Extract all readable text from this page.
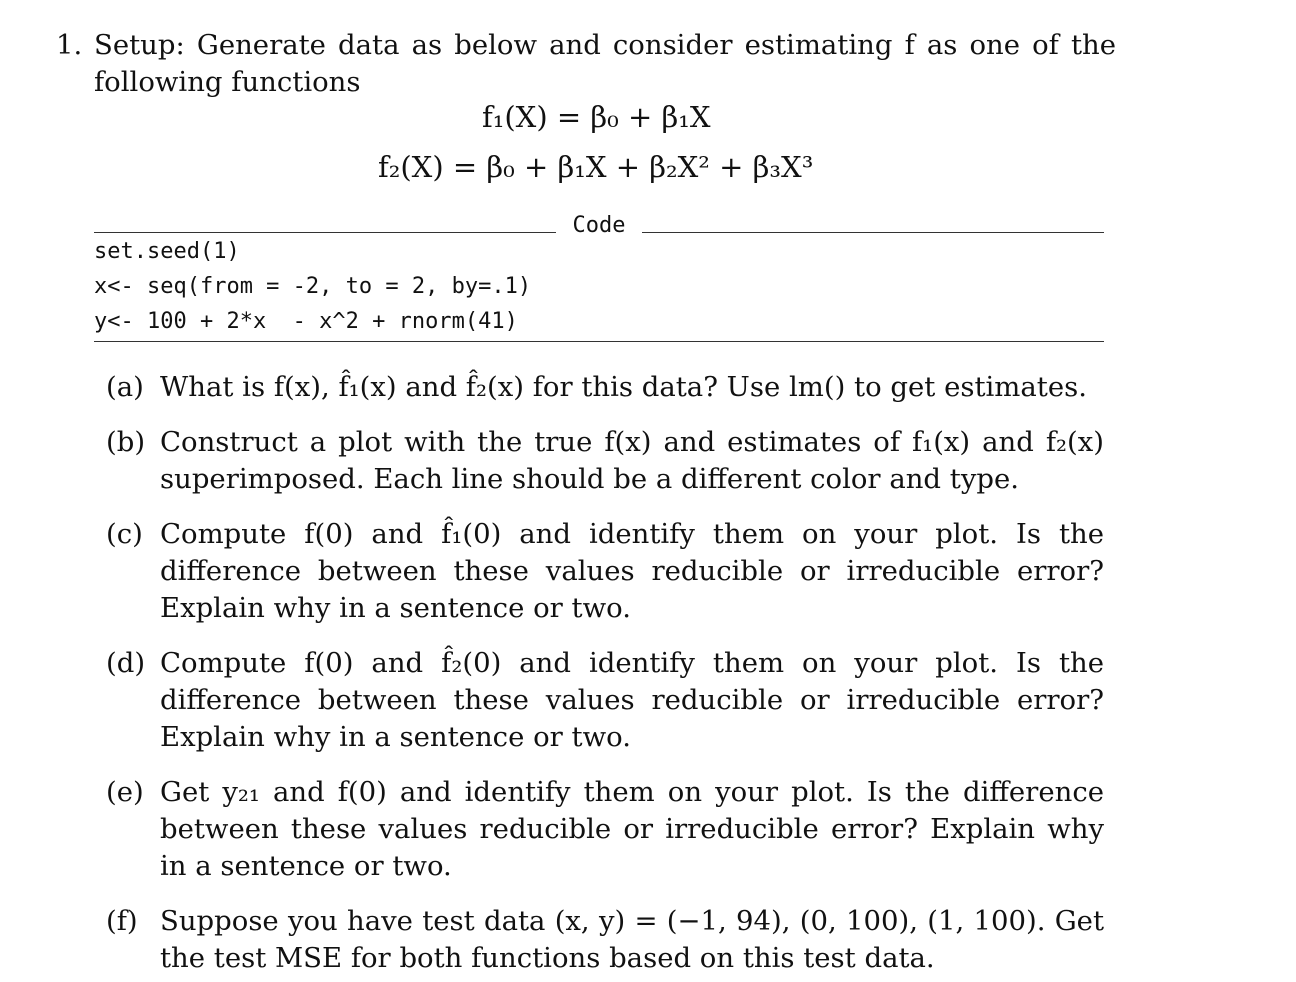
1. Setup: Generate data as below and consider estimating f as one of the following functions
f₁(X) = β₀ + β₁X
f₂(X) = β₀ + β₁X + β₂X² + β₃X³
Code
set.seed(1)
x<- seq(from = -2, to = 2, by=.1)
y<- 100 + 2*x  - x^2 + rnorm(41)
(a) What is f(x), f̂₁(x) and f̂₂(x) for this data? Use lm() to get estimates.
(b) Construct a plot with the true f(x) and estimates of f₁(x) and f₂(x) superimposed. Each line should be a different color and type.
(c) Compute f(0) and f̂₁(0) and identify them on your plot. Is the difference between these values reducible or irreducible error? Explain why in a sentence or two.
(d) Compute f(0) and f̂₂(0) and identify them on your plot. Is the difference between these values reducible or irreducible error? Explain why in a sentence or two.
(e) Get y₂₁ and f(0) and identify them on your plot. Is the difference between these values reducible or irreducible error? Explain why in a sentence or two.
(f) Suppose you have test data (x, y) = (−1, 94), (0, 100), (1, 100). Get the test MSE for both functions based on this test data.
